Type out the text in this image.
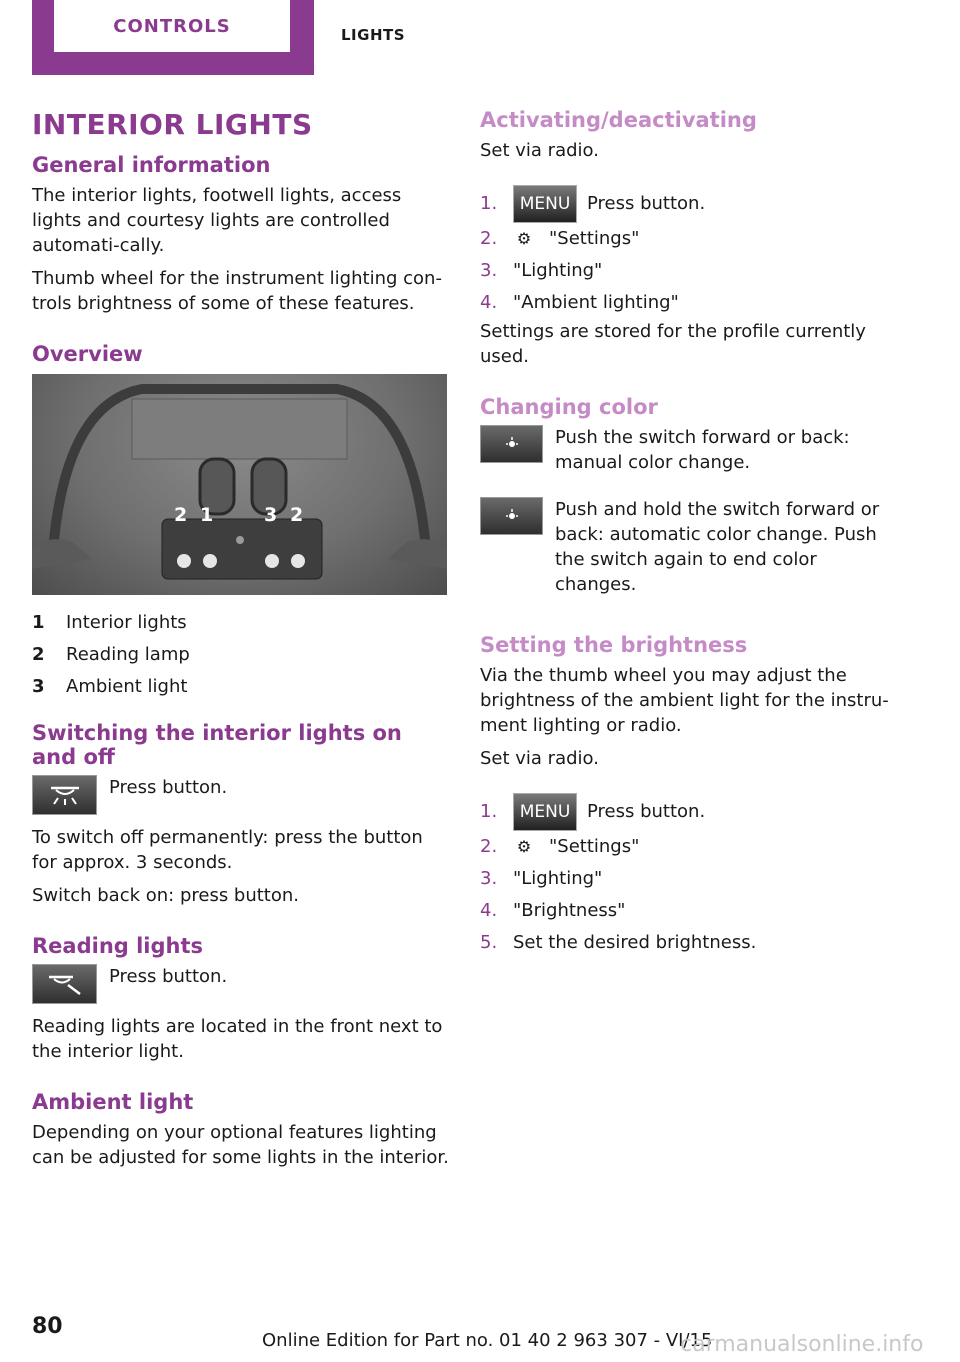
CONTROLS	LIGHTS
INTERIOR LIGHTS
General information

The interior lights, footwell lights, access lights and courtesy lights are controlled automati-cally.

Thumb wheel for the instrument lighting con-trols brightness of some of these features.

Overview
2 1	3 2
1	Interior lights
2	Reading lamp
3	Ambient light
Switching the interior lights on and off

Press button.

To switch off permanently: press the button for approx. 3 seconds.

Switch back on: press button.

Reading lights

Press button.

Reading lights are located in the front next to the interior light.

Ambient light

Depending on your optional features lighting can be adjusted for some lights in the interior.

Activating/deactivating

Set via radio.

1.	MENU Press button.
2.	⚙ "Settings"
3. "Lighting"
4. "Ambient lighting"

Settings are stored for the profile currently used.

Changing color

Push the switch forward or back: manual color change.

Push and hold the switch forward or back: automatic color change. Push the switch again to end color changes.

Setting the brightness

Via the thumb wheel you may adjust the brightness of the ambient light for the instru-ment lighting or radio.

Set via radio.

1.	MENU Press button.
2.	⚙ "Settings"
3. "Lighting"
4. "Brightness"
5. Set the desired brightness.
80
Online Edition for Part no. 01 40 2 963 307 - VI/15
carmanualsonline.info
